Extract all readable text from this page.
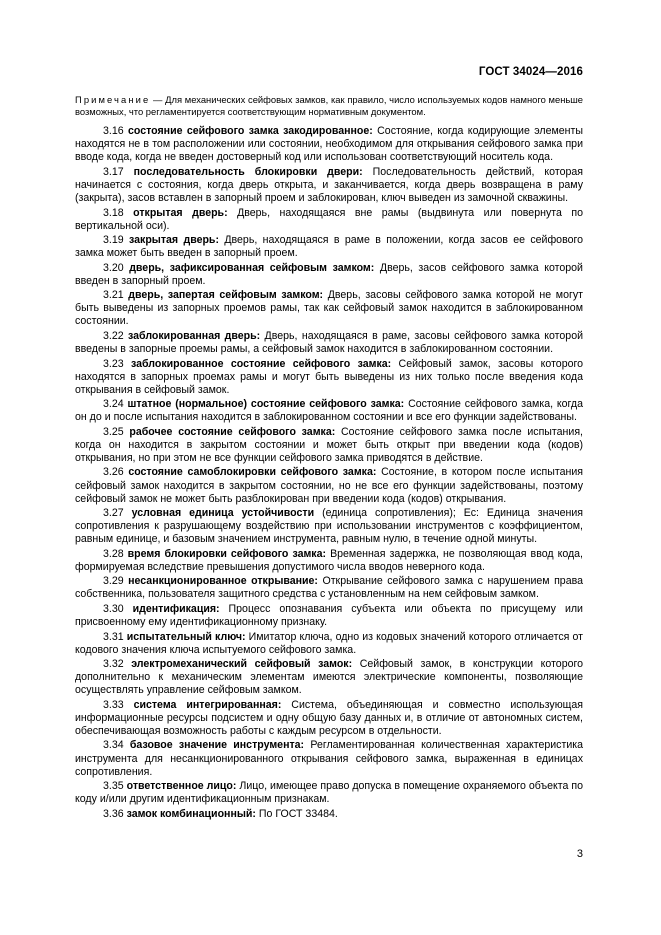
ГОСТ 34024—2016

Примечание — Для механических сейфовых замков, как правило, число используемых кодов намного меньше возможных, что регламентируется соответствующим нормативным документом.

3.16 состояние сейфового замка закодированное: Состояние, когда кодирующие элементы находятся не в том расположении или состоянии, необходимом для открывания сейфового замка при вводе кода, когда не введен достоверный код или использован соответствующий носитель кода.

3.17 последовательность блокировки двери: Последовательность действий, которая начинается с состояния, когда дверь открыта, и заканчивается, когда дверь возвращена в раму (закрыта), засов вставлен в запорный проем и заблокирован, ключ выведен из замочной скважины.

3.18 открытая дверь: Дверь, находящаяся вне рамы (выдвинута или повернута по вертикальной оси).

3.19 закрытая дверь: Дверь, находящаяся в раме в положении, когда засов ее сейфового замка может быть введен в запорный проем.

3.20 дверь, зафиксированная сейфовым замком: Дверь, засов сейфового замка которой введен в запорный проем.

3.21 дверь, запертая сейфовым замком: Дверь, засовы сейфового замка которой не могут быть выведены из запорных проемов рамы, так как сейфовый замок находится в заблокированном состоянии.

3.22 заблокированная дверь: Дверь, находящаяся в раме, засовы сейфового замка которой введены в запорные проемы рамы, а сейфовый замок находится в заблокированном состоянии.

3.23 заблокированное состояние сейфового замка: Сейфовый замок, засовы которого находятся в запорных проемах рамы и могут быть выведены из них только после введения кода открывания в сейфовый замок.

3.24 штатное (нормальное) состояние сейфового замка: Состояние сейфового замка, когда он до и после испытания находится в заблокированном состоянии и все его функции задействованы.

3.25 рабочее состояние сейфового замка: Состояние сейфового замка после испытания, когда он находится в закрытом состоянии и может быть открыт при введении кода (кодов) открывания, но при этом не все функции сейфового замка приводятся в действие.

3.26 состояние самоблокировки сейфового замка: Состояние, в котором после испытания сейфовый замок находится в закрытом состоянии, но не все его функции задействованы, поэтому сейфовый замок не может быть разблокирован при введении кода (кодов) открывания.

3.27 условная единица устойчивости (единица сопротивления); Ес: Единица значения сопротивления к разрушающему воздействию при использовании инструментов с коэффициентом, равным единице, и базовым значением инструмента, равным нулю, в течение одной минуты.

3.28 время блокировки сейфового замка: Временная задержка, не позволяющая ввод кода, формируемая вследствие превышения допустимого числа вводов неверного кода.

3.29 несанкционированное открывание: Открывание сейфового замка с нарушением права собственника, пользователя защитного средства с установленным на нем сейфовым замком.

3.30 идентификация: Процесс опознавания субъекта или объекта по присущему или присвоенному ему идентификационному признаку.

3.31 испытательный ключ: Имитатор ключа, одно из кодовых значений которого отличается от кодового значения ключа испытуемого сейфового замка.

3.32 электромеханический сейфовый замок: Сейфовый замок, в конструкции которого дополнительно к механическим элементам имеются электрические компоненты, позволяющие осуществлять управление сейфовым замком.

3.33 система интегрированная: Система, объединяющая и совместно использующая информационные ресурсы подсистем и одну общую базу данных и, в отличие от автономных систем, обеспечивающая возможность работы с каждым ресурсом в отдельности.

3.34 базовое значение инструмента: Регламентированная количественная характеристика инструмента для несанкционированного открывания сейфового замка, выраженная в единицах сопротивления.

3.35 ответственное лицо: Лицо, имеющее право допуска в помещение охраняемого объекта по коду и/или другим идентификационным признакам.

3.36 замок комбинационный: По ГОСТ 33484.

3
